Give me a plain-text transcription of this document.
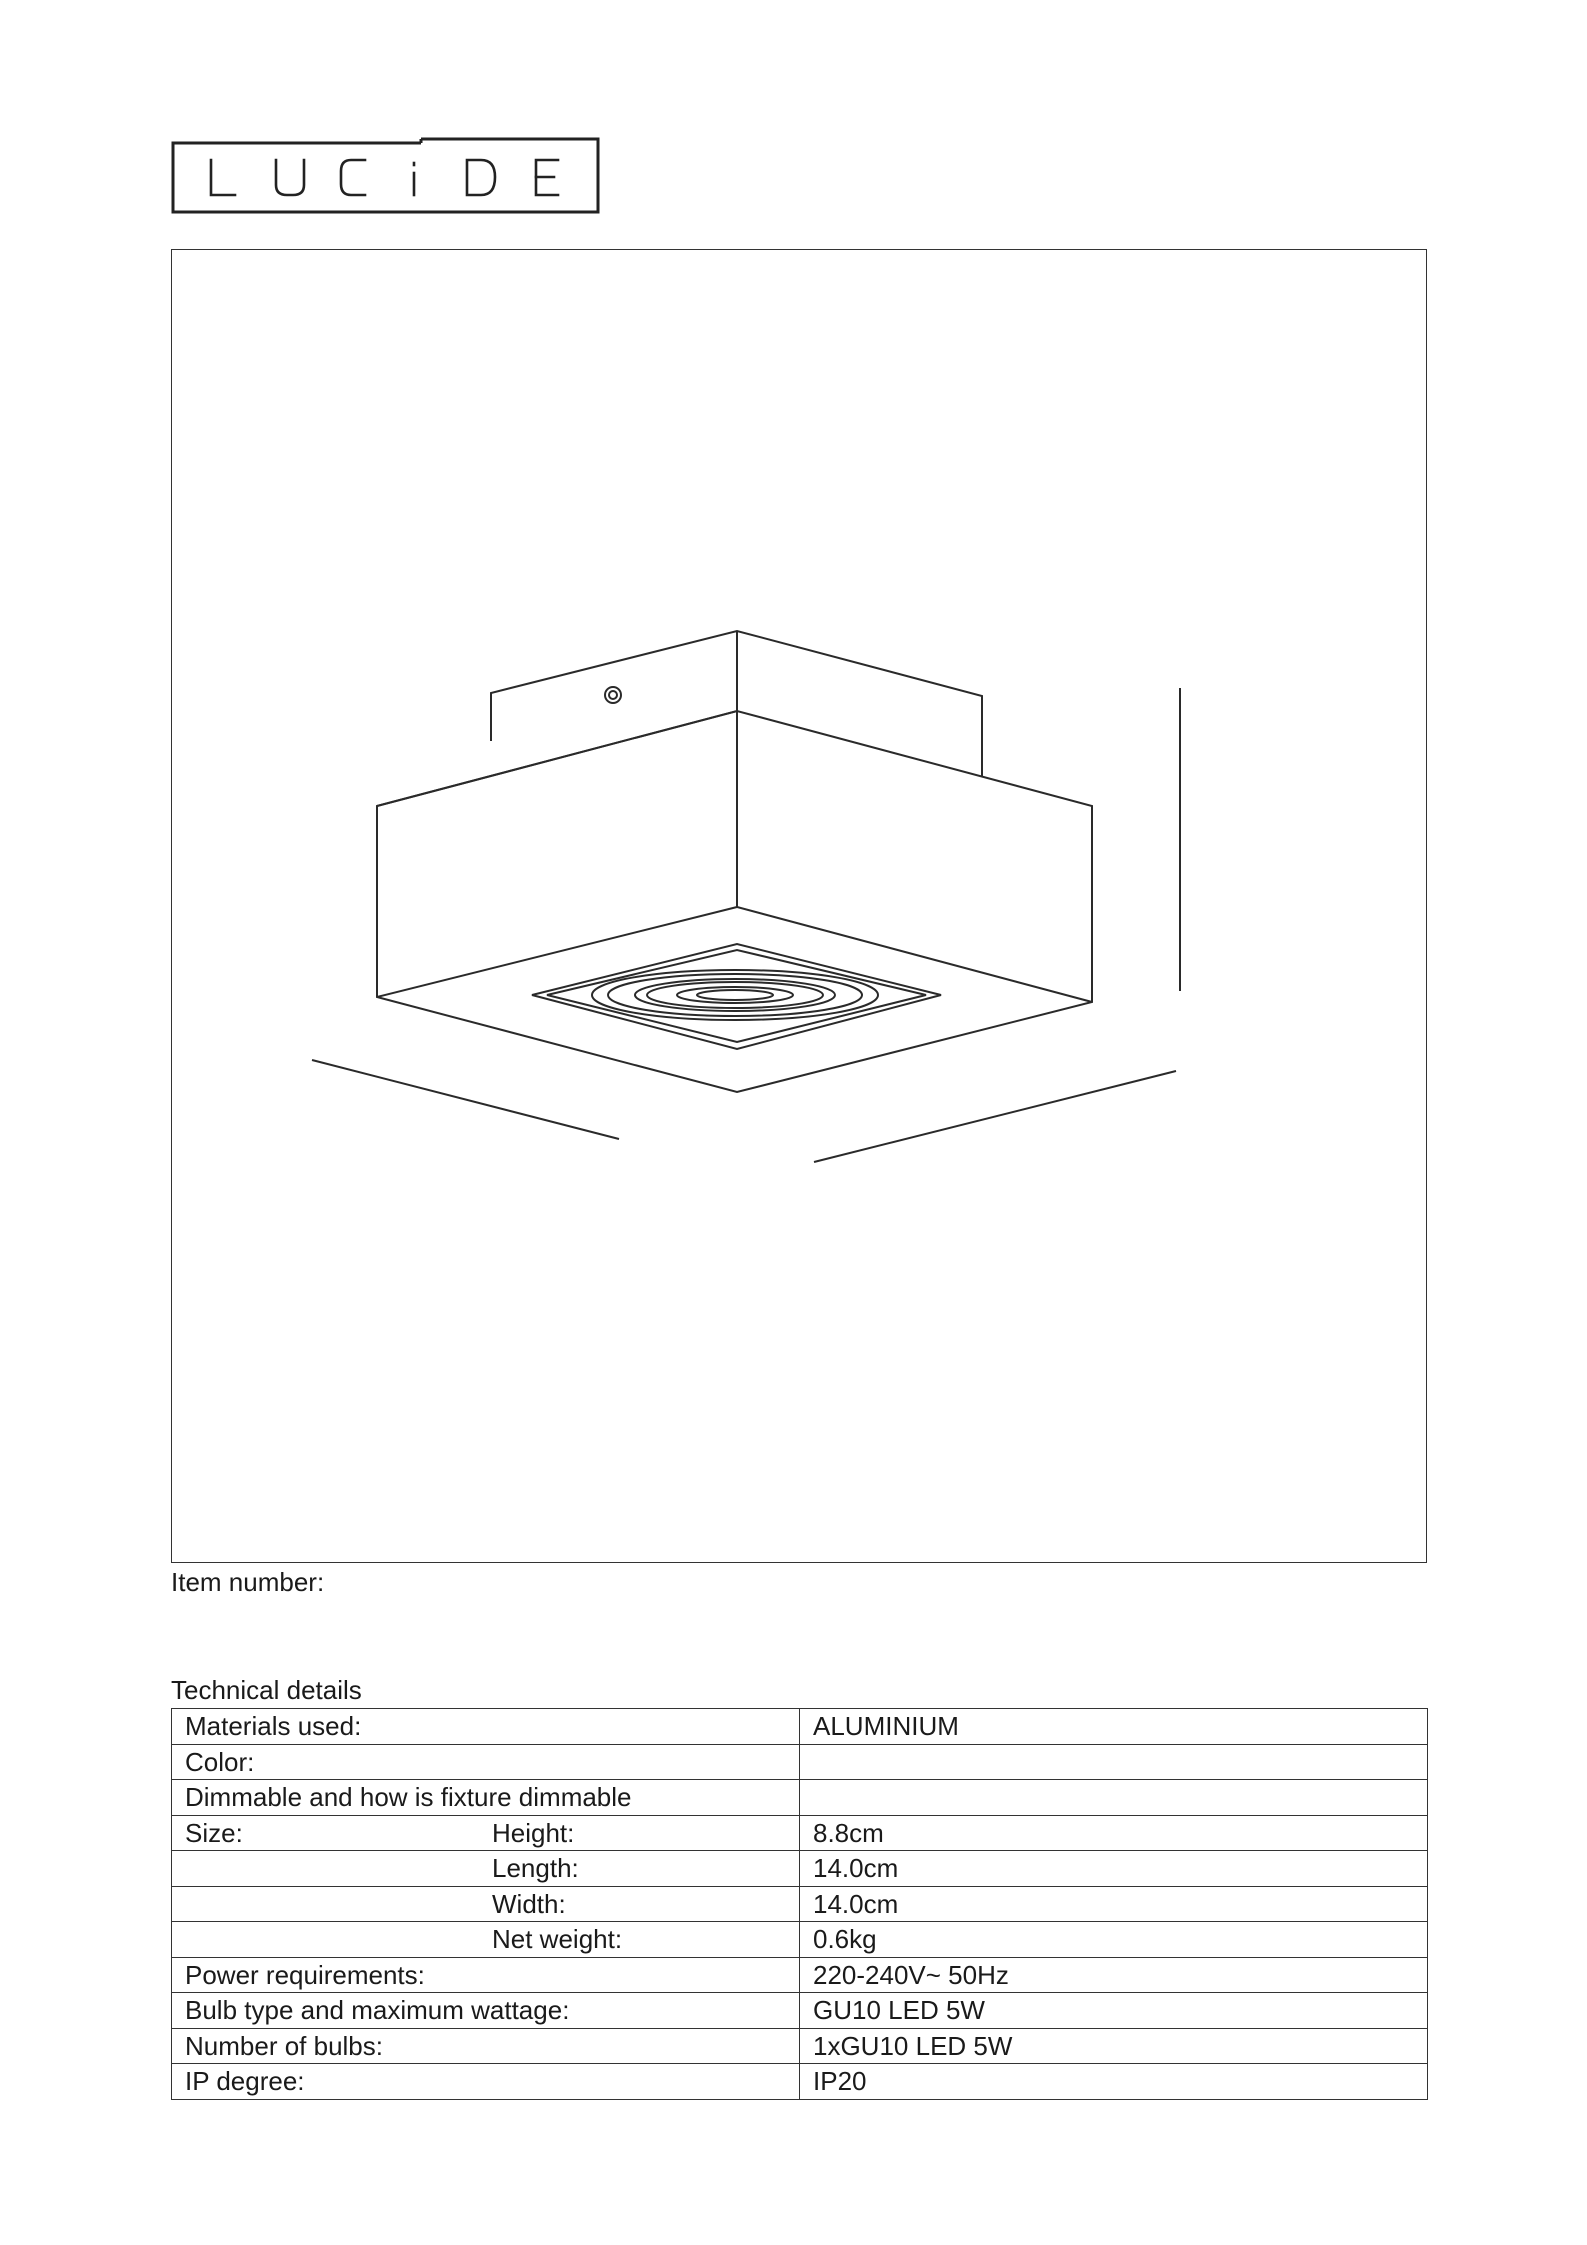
Item number:
Technical details
Materials used:	ALUMINIUM
Color:

Dimmable and how is fixture dimmable

Size: Height:	8.8cm

Length:	14.0cm

Width:	14.0cm

Net weight:	0.6kg
Power requirements:	220-240V~ 50Hz
Bulb type and maximum wattage:	GU10 LED 5W
Number of bulbs:	1xGU10 LED 5W
IP degree:	IP20
